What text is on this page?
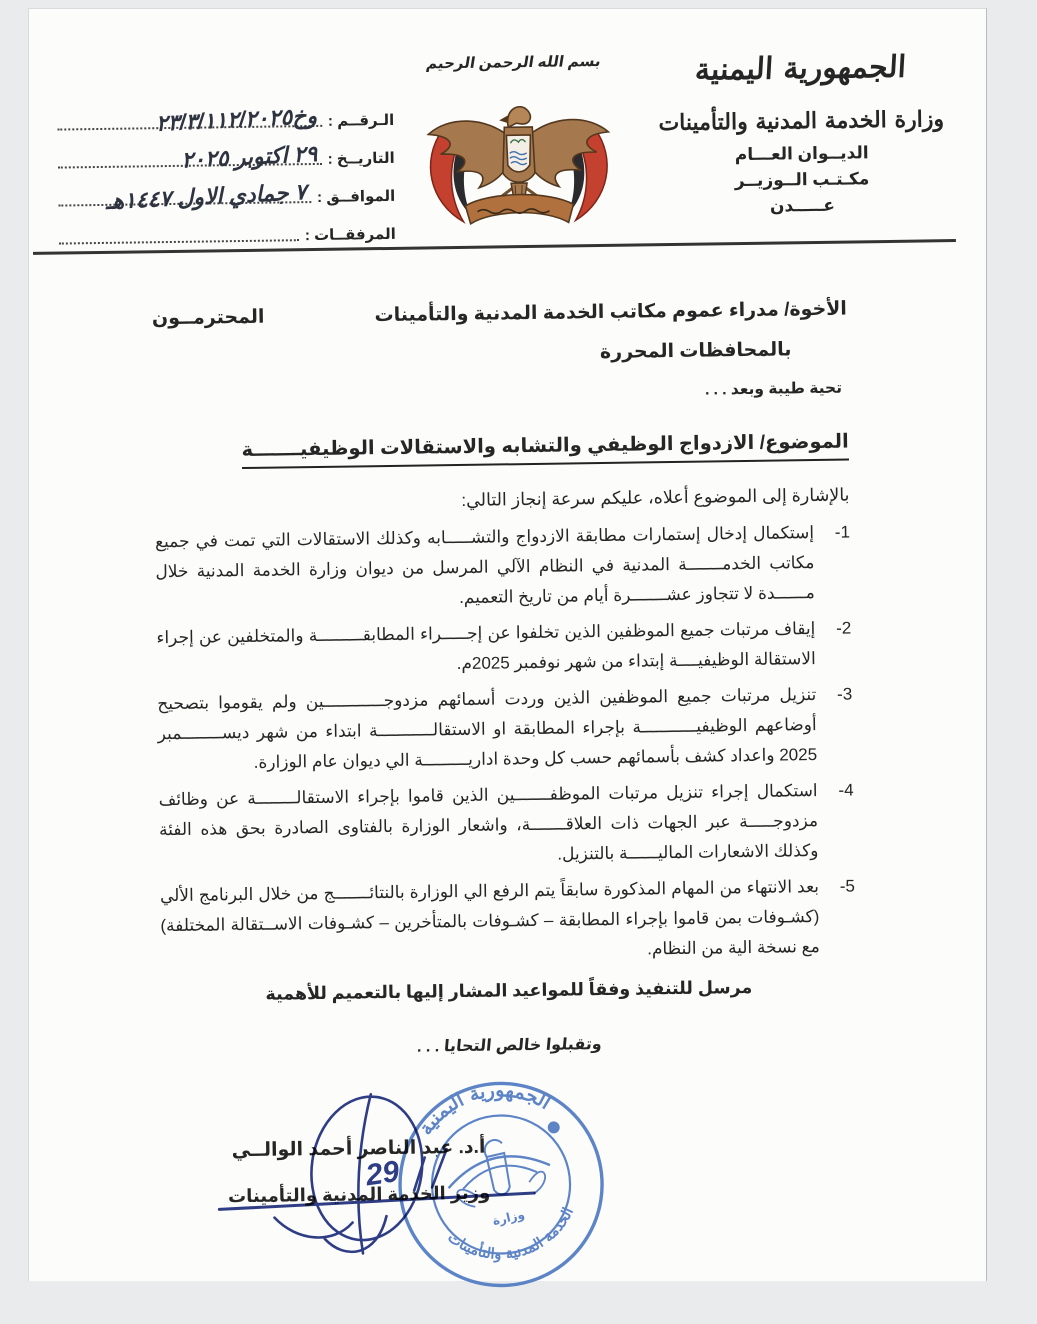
الجمهورية اليمنية
وزارة الخدمة المدنية والتأمينات
الديــوان العـــام
مكـتـب الــوزيــر
عـــــدن
بسم الله الرحمن الرحيم
الـرقــم :
وخ٢٣/٣/١١٢/٢٠٢٥
التاريــخ :
٢٩ اكتوبر ٢٠٢٥
الموافــق :
٧ جمادي الاول ١٤٤٧هـ
المرفقــات :
الأخوة/ مدراء عموم مكاتب الخدمة المدنية والتأمينات
المحترمــون
بالمحافظات المحررة
تحية طيبة وبعد . . .
الموضوع/ الازدواج الوظيفي والتشابه والاستقالات الوظيفيـــــــة
بالإشارة إلى الموضوع أعلاه، عليكم سرعة إنجاز التالي:
1-
إستكمال إدخال إستمارات مطابقة الازدواج والتشـــــابه وكذلك الاستقالات التي تمت في جميع مكاتب الخدمـــــــة المدنية في النظام الآلي المرسل من ديوان وزارة الخدمة المدنية خلال مــــــدة لا تتجاوز عشـــــــرة أيام من تاريخ التعميم.
2-
إيقاف مرتبات جميع الموظفين الذين تخلفوا عن إجـــــراء المطابقـــــــــة والمتخلفين عن إجراء الاستقالة الوظيفيــــة إبتداء من شهر نوفمبر 2025م.
3-
تنزيل مرتبات جميع الموظفين الذين وردت أسمائهم مزدوجــــــــــــين ولم يقوموا بتصحيح أوضاعهم الوظيفيـــــــــــة بإجراء المطابقة او الاستقالـــــــــــة ابتداء من شهر ديســــــــمبر 2025 واعداد كشف بأسمائهم حسب كل وحدة اداريـــــــــة الي ديوان عام الوزارة.
4-
استكمال إجراء تنزيل مرتبات الموظفـــــــين الذين قاموا بإجراء الاستقالــــــــة عن وظائف مزدوجـــــة عبر الجهات ذات العلاقـــــــة، واشعار الوزارة بالفتاوى الصادرة بحق هذه الفئة وكذلك الاشعارات الماليــــــة بالتنزيل.
5-
بعد الانتهاء من المهام المذكورة سابقاً يتم الرفع الي الوزارة بالنتائـــــــج من خلال البرنامج الألي (كشـوفات بمن قاموا بإجراء المطابقة – كشـوفات بالمتأخرين – كشـوفات الاســتقالة المختلفة) مع نسخة الية من النظام.
مرسل للتنفيذ وفقاً للمواعيد المشار إليها بالتعميم للأهمية
وتقبلوا خالص التحايا . . .
أ.د. عبد الناصر أحمد الوالــي
وزير الخدمة المدنية والتأمينات
29
الجمهورية اليمنية
الخدمة المدنية والتأمينات
وزارة
